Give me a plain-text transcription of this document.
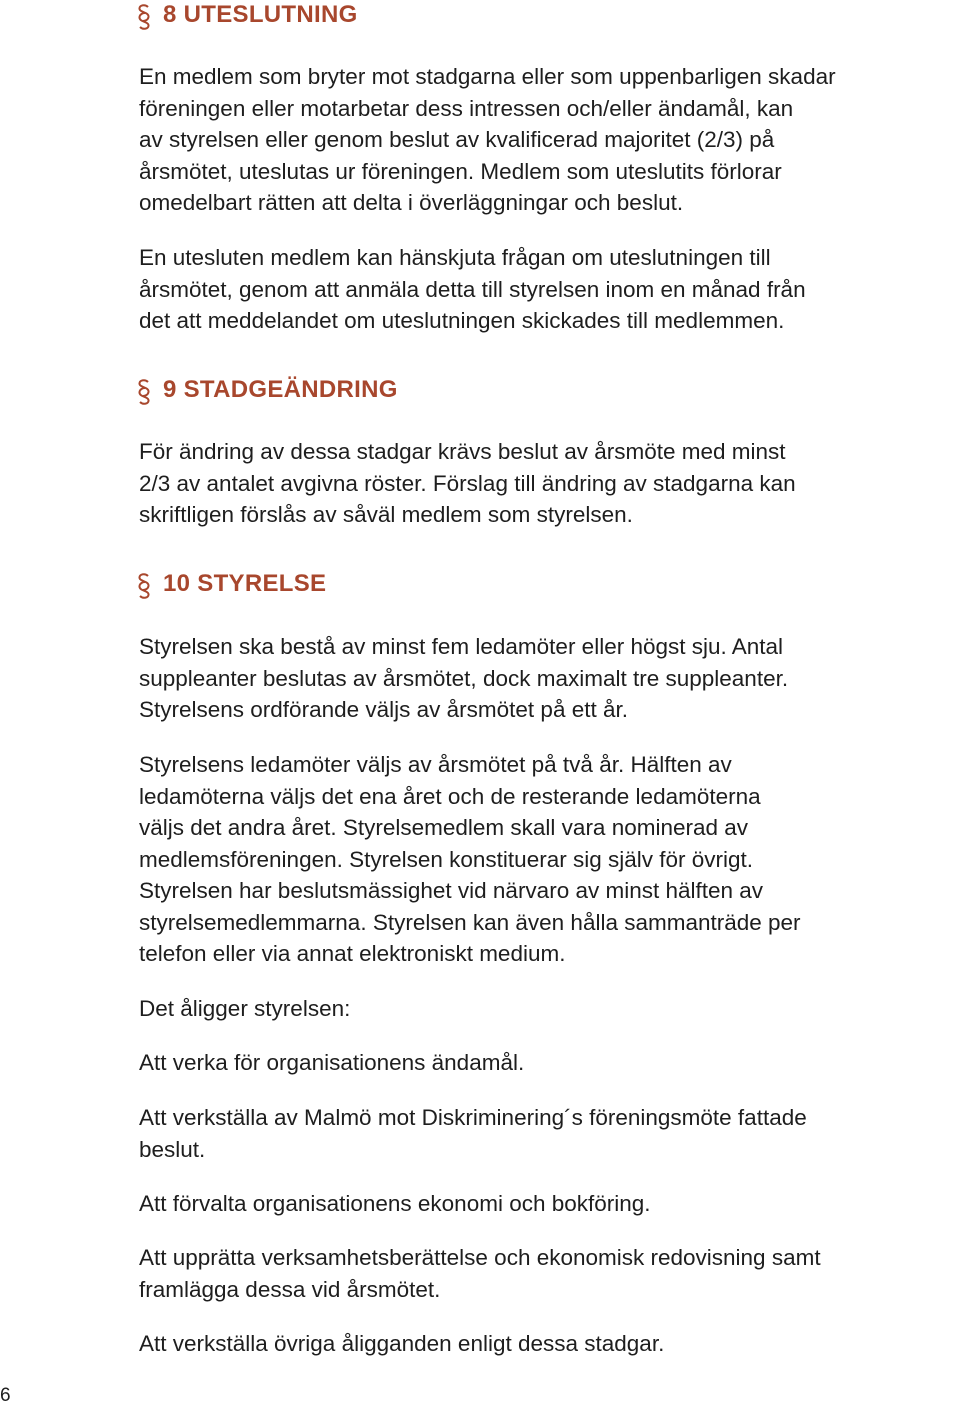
8 UTESLUTNING
En medlem som bryter mot stadgarna eller som uppenbarligen skadar
föreningen eller motarbetar dess intressen och/eller ändamål, kan
av styrelsen eller genom beslut av kvalificerad majoritet (2/3) på
årsmötet, uteslutas ur föreningen. Medlem som uteslutits förlorar
omedelbart rätten att delta i överläggningar och beslut.
En utesluten medlem kan hänskjuta frågan om uteslutningen till
årsmötet, genom att anmäla detta till styrelsen inom en månad från
det att meddelandet om uteslutningen skickades till medlemmen.
9 STADGEÄNDRING
För ändring av dessa stadgar krävs beslut av årsmöte med minst
2/3 av antalet avgivna röster. Förslag till ändring av stadgarna kan
skriftligen förslås av såväl medlem som styrelsen.
10 STYRELSE
Styrelsen ska bestå av minst fem ledamöter eller högst sju. Antal
suppleanter beslutas av årsmötet, dock maximalt tre suppleanter.
Styrelsens ordförande väljs av årsmötet på ett år.
Styrelsens ledamöter väljs av årsmötet på två år. Hälften av
ledamöterna väljs det ena året och de resterande ledamöterna
väljs det andra året. Styrelsemedlem skall vara nominerad av
medlemsföreningen. Styrelsen konstituerar sig själv för övrigt.
Styrelsen har beslutsmässighet vid närvaro av minst hälften av
styrelsemedlemmarna. Styrelsen kan även hålla sammanträde per
telefon eller via annat elektroniskt medium.
Det åligger styrelsen:
Att verka för organisationens ändamål.
Att verkställa av Malmö mot Diskriminering´s föreningsmöte fattade
beslut.
Att förvalta organisationens ekonomi och bokföring.
Att upprätta verksamhetsberättelse och ekonomisk redovisning samt
framlägga dessa vid årsmötet.
Att verkställa övriga åligganden enligt dessa stadgar.
6
